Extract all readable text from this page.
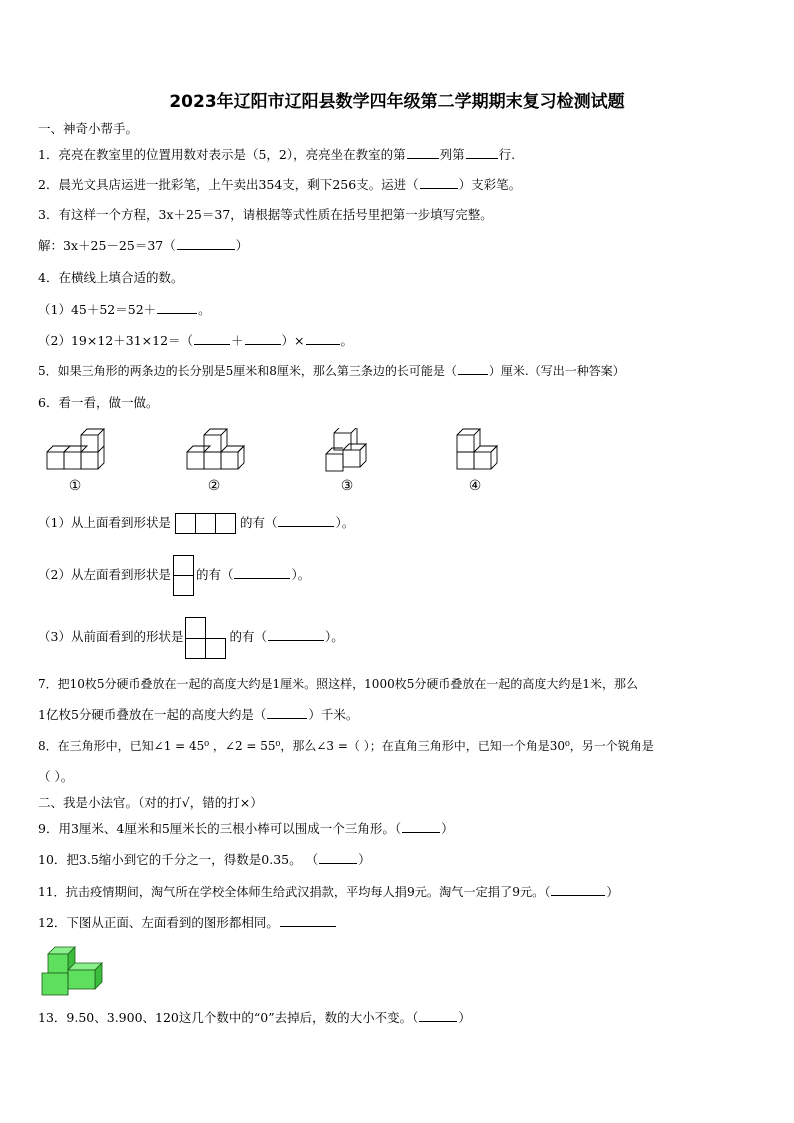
2023年辽阳市辽阳县数学四年级第二学期期末复习检测试题
一、神奇小帮手。
1．亮亮在教室里的位置用数对表示是（5，2），亮亮坐在教室的第	列第	行.
2．晨光文具店运进一批彩笔，上午卖出354支，剩下256支。运进（	）支彩笔。
3．有这样一个方程，3x＋25＝37，请根据等式性质在括号里把第一步填写完整。
解：3x＋25－25＝37（	）
4．在横线上填合适的数。
（1）45＋52＝52＋	。
（2）19×12＋31×12＝（	＋	）×	。
5．如果三角形的两条边的长分别是5厘米和8厘米，那么第三条边的长可能是（	）厘米.（写出一种答案）
6．看一看，做一做。
①	②	③	④
（1）从上面看到形状是	的有（	）。
（2）从左面看到形状是 的有（	）。
（3）从前面看到的形状是	的有（	）。
7．把10枚5分硬币叠放在一起的高度大约是1厘米。照这样，1000枚5分硬币叠放在一起的高度大约是1米，那么
1亿枚5分硬币叠放在一起的高度大约是（	）千米。
8．在三角形中，已知∠1 = 45⁰ ，∠2 = 55⁰，那么∠3 =（ ）；在直角三角形中，已知一个角是30⁰，另一个锐角是
（ ）。
二、我是小法官。（对的打√，错的打×）
9．用3厘米、4厘米和5厘米长的三根小棒可以围成一个三角形。（	）
10．把3.5缩小到它的千分之一，得数是0.35。 （	）
11．抗击疫情期间，淘气所在学校全体师生给武汉捐款，平均每人捐9元。淘气一定捐了9元。（	）
12．下图从正面、左面看到的图形都相同。
13．9.50、3.900、120这几个数中的“0”去掉后，数的大小不变。（	）
